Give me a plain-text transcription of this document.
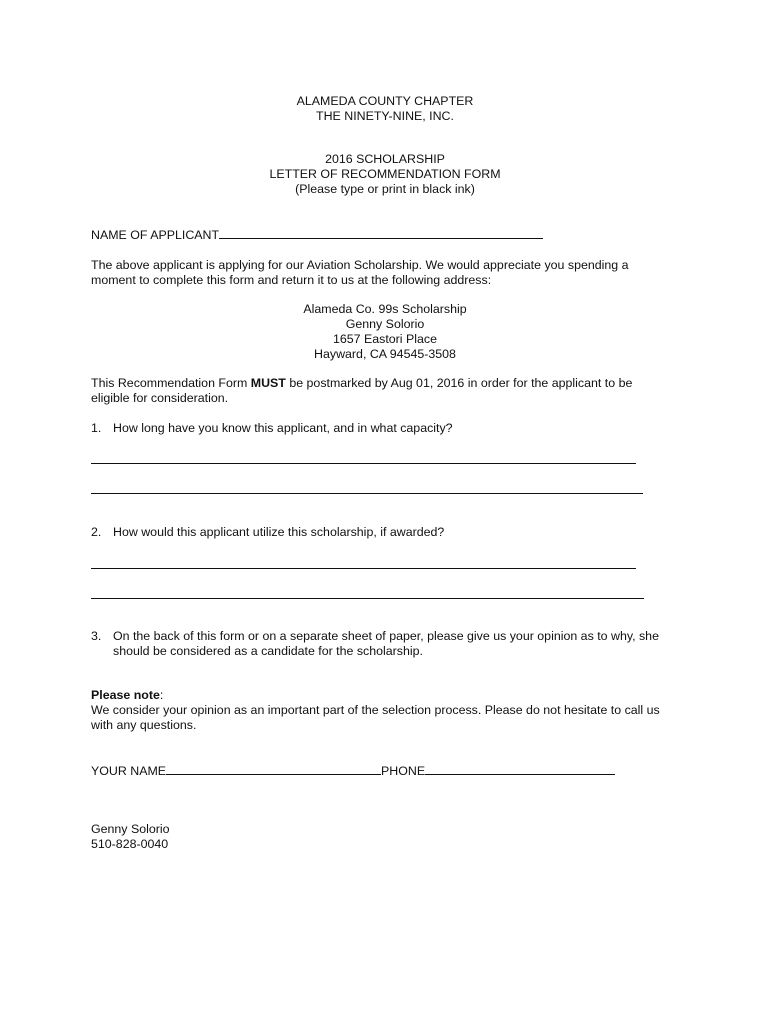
ALAMEDA COUNTY CHAPTER
THE NINETY-NINE, INC.
2016 SCHOLARSHIP
LETTER OF RECOMMENDATION FORM
(Please type or print in black ink)
NAME OF APPLICANT
The above applicant is applying for our Aviation Scholarship. We would appreciate you spending a
moment to complete this form and return it to us at the following address:
Alameda Co. 99s Scholarship
Genny Solorio
1657 Eastori Place
Hayward, CA 94545-3508
This Recommendation Form MUST be postmarked by Aug 01, 2016 in order for the applicant to be
eligible for consideration.
1. How long have you know this applicant, and in what capacity?
2. How would this applicant utilize this scholarship, if awarded?
3. On the back of this form or on a separate sheet of paper, please give us your opinion as to why, she
should be considered as a candidate for the scholarship.
Please note:
We consider your opinion as an important part of the selection process. Please do not hesitate to call us
with any questions.
YOUR NAME	PHONE
Genny Solorio
510-828-0040
